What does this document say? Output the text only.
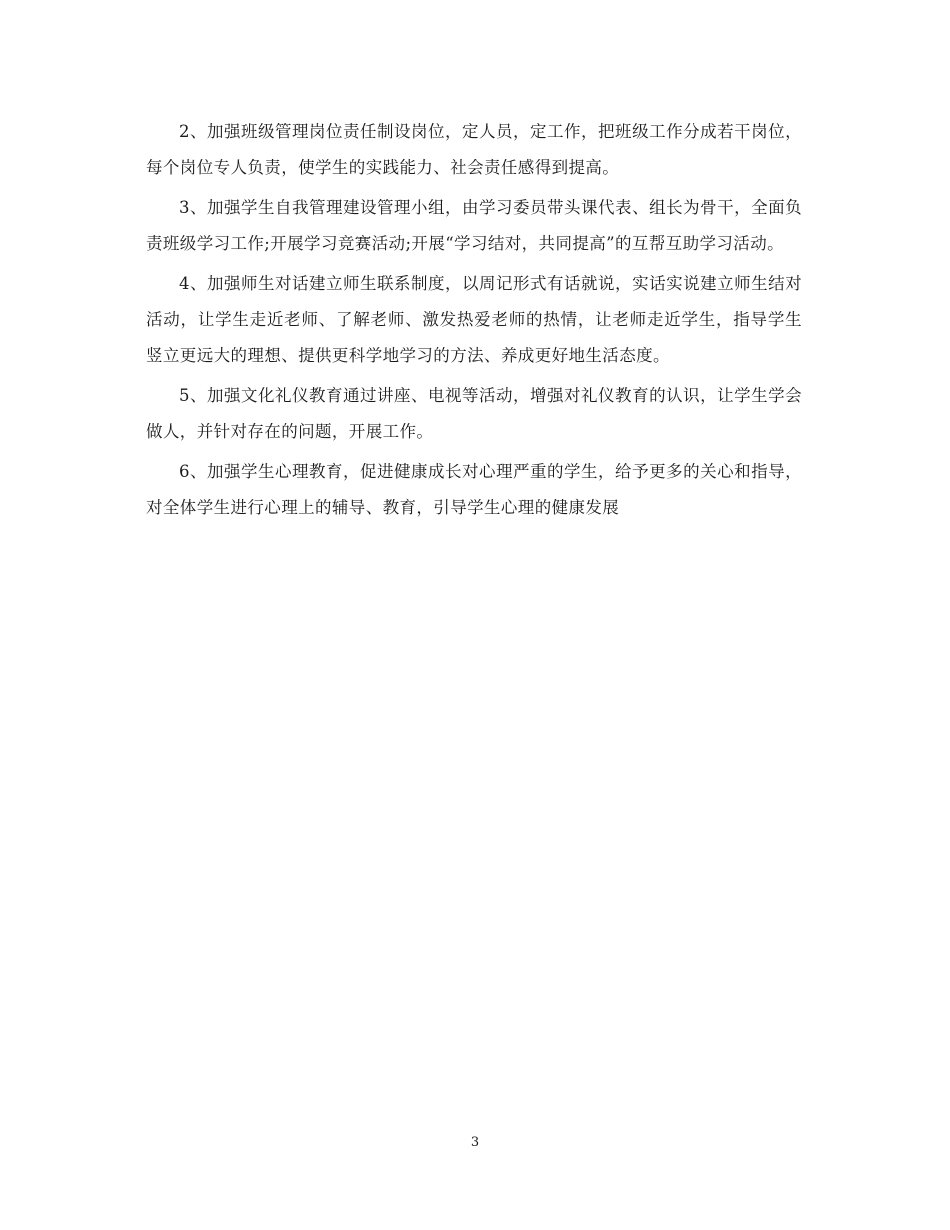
2、加强班级管理岗位责任制设岗位，定人员，定工作，把班级工作分成若干岗位，每个岗位专人负责，使学生的实践能力、社会责任感得到提高。

3、加强学生自我管理建设管理小组，由学习委员带头课代表、组长为骨干，全面负责班级学习工作;开展学习竞赛活动;开展“学习结对，共同提高”的互帮互助学习活动。

4、加强师生对话建立师生联系制度，以周记形式有话就说，实话实说建立师生结对活动，让学生走近老师、了解老师、激发热爱老师的热情，让老师走近学生，指导学生竖立更远大的理想、提供更科学地学习的方法、养成更好地生活态度。

5、加强文化礼仪教育通过讲座、电视等活动，增强对礼仪教育的认识，让学生学会做人，并针对存在的问题，开展工作。

6、加强学生心理教育，促进健康成长对心理严重的学生，给予更多的关心和指导，对全体学生进行心理上的辅导、教育，引导学生心理的健康发展

3
